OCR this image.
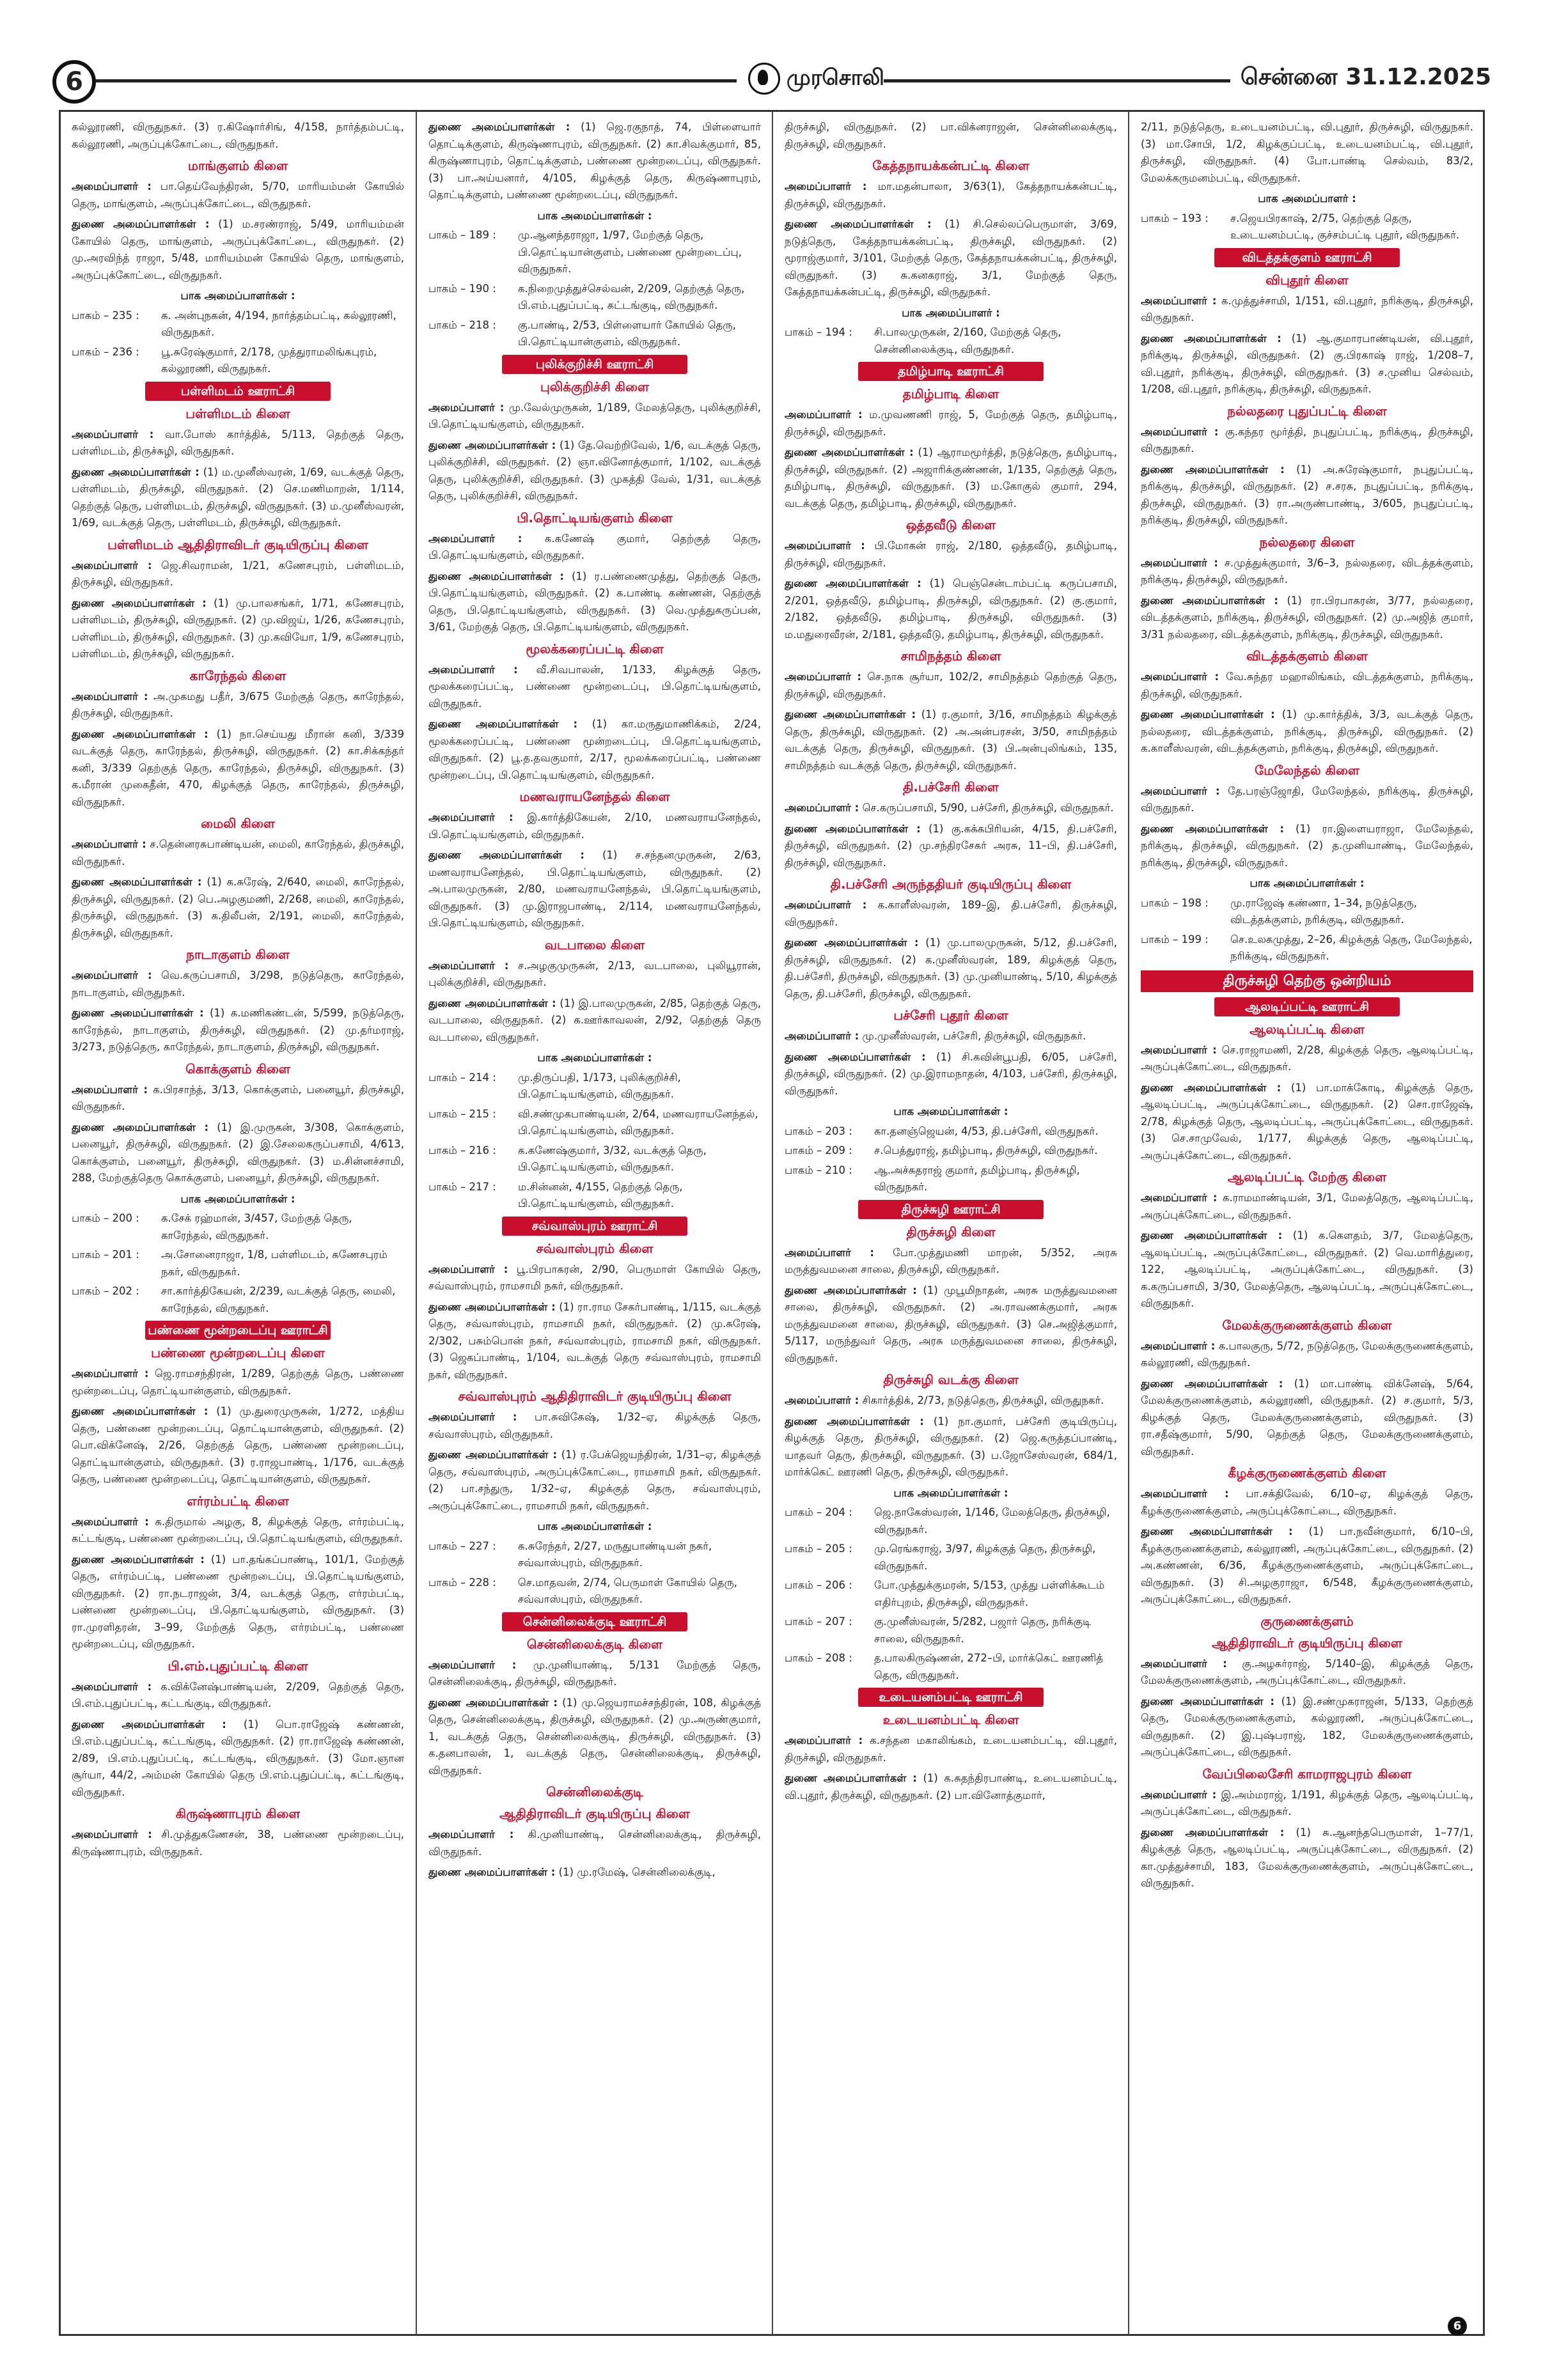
6	முரசொலி	சென்னை 31.12.2025

கல்லூரணி, விருதுநகர். (3) ர.கிஷோர்சிங், 4/158, நார்த்தம்பட்டி, கல்லூரணி, அருப்புக்கோட்டை, விருதுநகர்.

மாங்குளம் கிளை

அமைப்பாளர் : பா.தெய்வேந்திரன், 5/70, மாரியம்மன் கோயில் தெரு, மாங்குளம், அருப்புக்கோட்டை, விருதுநகர்.

துணை அமைப்பாளர்கள் : (1) ம.சரண்ராஜ், 5/49, மாரியம்மன் கோயில் தெரு, மாங்குளம், அருப்புக்கோட்டை, விருதுநகர். (2) மு.அரவிந்த் ராஜா, 5/48, மாரியம்மன் கோயில் தெரு, மாங்குளம், அருப்புக்கோட்டை, விருதுநகர்.

பாக அமைப்பாளர்கள் :
பாகம் – 235 :	க. அன்புநகன், 4/194, நார்த்தம்பட்டி, கல்லூரணி, விருதுநகர்.
பாகம் – 236 :	பூ.சுரேஷ்குமார், 2/178, முத்துராமலிங்கபுரம், கல்லூரணி, விருதுநகர்.
பள்ளிமடம் ஊராட்சி
பள்ளிமடம் கிளை

அமைப்பாளர் : வா.போஸ் கார்த்திக், 5/113, தெற்குத் தெரு, பள்ளிமடம், திருச்சுழி, விருதுநகர்.

துணை அமைப்பாளர்கள் : (1) ம.முனீஸ்வரன், 1/69, வடக்குத் தெரு, பள்ளிமடம், திருச்சுழி, விருதுநகர். (2) செ.மணிமாறன், 1/114, தெற்குத் தெரு, பள்ளிமடம், திருச்சுழி, விருதுநகர். (3) ம.முனீஸ்வரன், 1/69, வடக்குத் தெரு, பள்ளிமடம், திருச்சுழி, விருதுநகர்.

பள்ளிமடம் ஆதிதிராவிடர் குடியிருப்பு கிளை

அமைப்பாளர் : ஜெ.சிவராமன், 1/21, கணேசபுரம், பள்ளிமடம், திருச்சுழி, விருதுநகர்.

துணை அமைப்பாளர்கள் : (1) மு.பாலசங்கர், 1/71, கணேசபுரம், பள்ளிமடம், திருச்சுழி, விருதுநகர். (2) மு.விஜய், 1/26, கணேசபுரம், பள்ளிமடம், திருச்சுழி, விருதுநகர். (3) மு.கவியோ, 1/9, கணேசபுரம், பள்ளிமடம், திருச்சுழி, விருதுநகர்.

காரேந்தல் கிளை

அமைப்பாளர் : அ.முகமது பதீர், 3/675 மேற்குத் தெரு, காரேந்தல், திருச்சுழி, விருதுநகர்.

துணை அமைப்பாளர்கள் : (1) நா.செய்யது மீரான் கனி, 3/339 வடக்குத் தெரு, காரேந்தல், திருச்சுழி, விருதுநகர். (2) கா.சிக்கந்தர் கனி, 3/339 தெற்குத் தெரு, காரேந்தல், திருச்சுழி, விருதுநகர். (3) க.மீரான் முகைதீன், 470, கிழக்குத் தெரு, காரேந்தல், திருச்சுழி, விருதுநகர்.

மைலி கிளை

அமைப்பாளர் : ச.தென்னரசுபாண்டியன், மைலி, காரேந்தல், திருச்சுழி, விருதுநகர்.

துணை அமைப்பாளர்கள் : (1) க.சுரேஷ், 2/640, மைலி, காரேந்தல், திருச்சுழி, விருதுநகர். (2) பெ.அழகுமணி, 2/268, மைலி, காரேந்தல், திருச்சுழி, விருதுநகர். (3) க.திலீபன், 2/191, மைலி, காரேந்தல், திருச்சுழி, விருதுநகர்.

நாடாகுளம் கிளை

அமைப்பாளர் : வெ.கருப்பசாமி, 3/298, நடுத்தெரு, காரேந்தல், நாடாகுளம், விருதுநகர்.

துணை அமைப்பாளர்கள் : (1) க.மணிகண்டன், 5/599, நடுத்தெரு, காரேந்தல், நாடாகுளம், திருச்சுழி, விருதுநகர். (2) மு.தர்மராஜ், 3/273, நடுத்தெரு, காரேந்தல், நாடாகுளம், திருச்சுழி, விருதுநகர்.

கொக்குளம் கிளை

அமைப்பாளர் : க.பிரசாந்த், 3/13, கொக்குளம், பனையூர், திருச்சுழி, விருதுநகர்.

துணை அமைப்பாளர்கள் : (1) இ.முருகன், 3/308, கொக்குளம், பனையூர், திருச்சுழி, விருதுநகர். (2) இ.சேலைகருப்பசாமி, 4/613, கொக்குளம், பனையூர், திருச்சுழி, விருதுநகர். (3) ம.சின்னச்சாமி, 288, மேற்குத்தெரு கொக்குளம், பனையூர், திருச்சுழி, விருதுநகர்.

பாக அமைப்பாளர்கள் :
பாகம் – 200 :	க.சேக் ரஹ்மான், 3/457, மேற்குத் தெரு, காரேந்தல், விருதுநகர்.
பாகம் – 201 :	அ.சோனைராஜா, 1/8, பள்ளிமடம், கணேசபுரம் நகர், விருதுநகர்.
பாகம் – 202 :	சா.கார்த்திகேயன், 2/239, வடக்குத் தெரு, மைலி, காரேந்தல், விருதுநகர்.
பண்ணை மூன்றடைப்பு ஊராட்சி
பண்ணை மூன்றடைப்பு கிளை

அமைப்பாளர் : ஜெ.ராமசந்திரன், 1/289, தெற்குத் தெரு, பண்ணை மூன்றடைப்பு, தொட்டியான்குளம், விருதுநகர்.

துணை அமைப்பாளர்கள் : (1) மு.துரைமுருகன், 1/272, மத்திய தெரு, பண்ணை மூன்றடைப்பு, தொட்டியான்குளம், விருதுநகர். (2) பொ.விக்னேஷ், 2/26, தெற்குத் தெரு, பண்ணை மூன்றடைப்பு, தொட்டியான்குளம், விருதுநகர். (3) ர.ராஜபாண்டி, 1/176, வடக்குத் தெரு, பண்ணை மூன்றடைப்பு, தொட்டியான்குளம், விருதுநகர்.

எர்ரம்பட்டி கிளை

அமைப்பாளர் : க.திருமால் அழகு, 8, கிழக்குத் தெரு, எர்ரம்பட்டி, கட்டங்குடி, பண்ணை மூன்றடைப்பு, பி.தொட்டியங்குளம், விருதுநகர்.

துணை அமைப்பாளர்கள் : (1) பா.தங்கப்பாண்டி, 101/1, மேற்குத் தெரு, எர்ரம்பட்டி, பண்ணை மூன்றடைப்பு, பி.தொட்டியங்குளம், விருதுநகர். (2) ரா.நடராஜன், 3/4, வடக்குத் தெரு, எர்ரம்பட்டி, பண்ணை மூன்றடைப்பு, பி.தொட்டியங்குளம், விருதுநகர். (3) ரா.முரளிதரன், 3–99, மேற்குத் தெரு, எர்ரம்பட்டி, பண்ணை மூன்றடைப்பு, விருதுநகர்.

பி.எம்.புதுப்பட்டி கிளை

அமைப்பாளர் : க.விக்னேஷ்பாண்டியன், 2/209, தெற்குத் தெரு, பி.எம்.புதுப்பட்டி, கட்டங்குடி, விருதுநகர்.

துணை அமைப்பாளர்கள் : (1) பொ.ராஜேஷ் கண்ணன், பி.எம்.புதுப்பட்டி, கட்டங்குடி, விருதுநகர். (2) ரா.ராஜேஷ் கண்ணன், 2/89, பி.எம்.புதுப்பட்டி, கட்டங்குடி, விருதுநகர். (3) மோ.ஞான சூர்யா, 44/2, அம்மன் கோயில் தெரு பி.எம்.புதுப்பட்டி, கட்டங்குடி, விருதுநகர்.

கிருஷ்ணாபுரம் கிளை

அமைப்பாளர் : சி.முத்துகணேசன், 38, பண்ணை மூன்றடைப்பு, கிருஷ்ணாபுரம், விருதுநகர்.

துணை அமைப்பாளர்கள் : (1) ஜெ.ரகுநாத், 74, பிள்ளையார் தொட்டிக்குளம், கிருஷ்ணாபுரம், விருதுநகர். (2) கா.சிவக்குமார், 85, கிருஷ்ணாபுரம், தொட்டிக்குளம், பண்ணை மூன்றடைப்பு, விருதுநகர். (3) பா.அய்யனார், 4/105, கிழக்குத் தெரு, கிருஷ்ணாபுரம், தொட்டிக்குளம், பண்ணை மூன்றடைப்பு, விருதுநகர்.

பாக அமைப்பாளர்கள் :
பாகம் – 189 :	மு.ஆனந்தராஜா, 1/97, மேற்குத் தெரு, பி.தொட்டியான்குளம், பண்ணை மூன்றடைப்பு, விருதுநகர்.
பாகம் – 190 :	க.நிறைமுத்துச்செல்வன், 2/209, தெற்குத் தெரு, பி.எம்.புதுப்பட்டி, கட்டங்குடி, விருதுநகர்.
பாகம் – 218 :	கு.பாண்டி, 2/53, பிள்ளையார் கோயில் தெரு, பி.தொட்டியான்குளம், விருதுநகர்.
புலிக்குறிச்சி ஊராட்சி
புலிக்குறிச்சி கிளை

அமைப்பாளர் : மு.வேல்முருகன், 1/189, மேலத்தெரு, புலிக்குறிச்சி, பி.தொட்டியங்குளம், விருதுநகர்.

துணை அமைப்பாளர்கள் : (1) தே.வெற்றிவேல், 1/6, வடக்குத் தெரு, புலிக்குறிச்சி, விருதுநகர். (2) ஞா.வினோத்குமார், 1/102, வடக்குத் தெரு, புலிக்குறிச்சி, விருதுநகர். (3) முகத்தி வேல், 1/31, வடக்குத் தெரு, புலிக்குறிச்சி, விருதுநகர்.

பி.தொட்டியங்குளம் கிளை

அமைப்பாளர் : க.கணேஷ் குமார், தெற்குத் தெரு, பி.தொட்டியங்குளம், விருதுநகர்.

துணை அமைப்பாளர்கள் : (1) ர.பண்ணைமுத்து, தெற்குத் தெரு, பி.தொட்டியங்குளம், விருதுநகர். (2) க.பாண்டி கண்ணன், தெற்குத் தெரு, பி.தொட்டியங்குளம், விருதுநகர். (3) வெ.முத்துகருப்பன், 3/61, மேற்குத் தெரு, பி.தொட்டியங்குளம், விருதுநகர்.

மூலக்கரைப்பட்டி கிளை

அமைப்பாளர் : வீ.சிவபாலன், 1/133, கிழக்குத் தெரு, மூலக்கரைப்பட்டி, பண்ணை மூன்றடைப்பு, பி.தொட்டியங்குளம், விருதுநகர்.

துணை அமைப்பாளர்கள் : (1) கா.மருதுமாணிக்கம், 2/24, மூலக்கரைப்பட்டி, பண்ணை மூன்றடைப்பு, பி.தொட்டியங்குளம், விருதுநகர். (2) பூ.த.தவகுமார், 2/17, மூலக்கரைப்பட்டி, பண்ணை மூன்றடைப்பு, பி.தொட்டியங்குளம், விருதுநகர்.

மணவராயனேந்தல் கிளை

அமைப்பாளர் : இ.கார்த்திகேயன், 2/10, மணவராயனேந்தல், பி.தொட்டியங்குளம், விருதுநகர்.

துணை அமைப்பாளர்கள் : (1) ச.சந்தனமுருகன், 2/63, மணவராயனேந்தல், பி.தொட்டியங்குளம், விருதுநகர். (2) அ.பாலமுருகன், 2/80, மணவராயனேந்தல், பி.தொட்டியங்குளம், விருதுநகர். (3) மு.இராஜபாண்டி, 2/114, மணவராயனேந்தல், பி.தொட்டியங்குளம், விருதுநகர்.

வடபாலை கிளை

அமைப்பாளர் : ச.அழகுமுருகன், 2/13, வடபாலை, புலியூரான், புலிக்குறிச்சி, விருதுநகர்.

துணை அமைப்பாளர்கள் : (1) இ.பாலமுருகன், 2/85, தெற்குத் தெரு, வடபாலை, விருதுநகர். (2) க.ஊர்காவலன், 2/92, தெற்குத் தெரு வடபாலை, விருதுநகர்.

பாக அமைப்பாளர்கள் :
பாகம் – 214 :	மு.திருப்பதி, 1/173, புலிக்குறிச்சி, பி.தொட்டியங்குளம், விருதுநகர்.
பாகம் – 215 :	வி.சண்முகபாண்டியன், 2/64, மணவராயனேந்தல், பி.தொட்டியங்குளம், விருதுநகர்.
பாகம் – 216 :	க.கணேஷ்குமார், 3/32, வடக்குத் தெரு, பி.தொட்டியங்குளம், விருதுநகர்.
பாகம் – 217 :	ம.சின்னன், 4/155, தெற்குத் தெரு, பி.தொட்டியங்குளம், விருதுநகர்.
சவ்வாஸ்புரம் ஊராட்சி
சவ்வாஸ்புரம் கிளை

அமைப்பாளர் : பூ.பிரபாகரன், 2/90, பெருமாள் கோயில் தெரு, சவ்வாஸ்புரம், ராமசாமி நகர், விருதுநகர்.

துணை அமைப்பாளர்கள் : (1) ரா.ராம சேகர்பாண்டி, 1/115, வடக்குத் தெரு, சவ்வாஸ்புரம், ராமசாமி நகர், விருதுநகர். (2) மு.சுரேஷ், 2/302, பசும்பொன் நகர், சவ்வாஸ்புரம், ராமசாமி நகர், விருதுநகர். (3) ஜெகப்பாண்டி, 1/104, வடக்குத் தெரு சவ்வாஸ்புரம், ராமசாமி நகர், விருதுநகர்.

சவ்வாஸ்புரம் ஆதிதிராவிடர் குடியிருப்பு கிளை

அமைப்பாளர் : பா.சுவிகேஷ், 1/32–ஏ, கிழக்குத் தெரு, சவ்வாஸ்புரம், விருதுநகர்.

துணை அமைப்பாளர்கள் : (1) ர.பேக்ஜெயந்திரன், 1/31–ஏ, கிழக்குத் தெரு, சவ்வாஸ்புரம், அருப்புக்கோட்டை, ராமசாமி நகர், விருதுநகர். (2) பா.சந்துரு, 1/32–ஏ, கிழக்குத் தெரு, சவ்வாஸ்புரம், அருப்புக்கோட்டை, ராமசாமி நகர், விருதுநகர்.

பாக அமைப்பாளர்கள் :
பாகம் – 227 :	க.சுரேந்தர், 2/27, மருதுபாண்டியன் நகர், சவ்வாஸ்புரம், விருதுநகர்.
பாகம் – 228 :	செ.மாதவன், 2/74, பெருமாள் கோயில் தெரு, சவ்வாஸ்புரம், விருதுநகர்.
சென்னிலைக்குடி ஊராட்சி
சென்னிலைக்குடி கிளை

அமைப்பாளர் : மு.முனியாண்டி, 5/131 மேற்குத் தெரு, சென்னிலைக்குடி, திருச்சுழி, விருதுநகர்.

துணை அமைப்பாளர்கள் : (1) மு.ஜெயராமச்சந்திரன், 108, கிழக்குத் தெரு, சென்னிலைக்குடி, திருச்சுழி, விருதுநகர். (2) மு.அருண்குமார், 1, வடக்குத் தெரு, சென்னிலைக்குடி, திருச்சுழி, விருதுநகர். (3) க.தனபாலன், 1, வடக்குத் தெரு, சென்னிலைக்குடி, திருச்சுழி, விருதுநகர்.

சென்னிலைக்குடி
ஆதிதிராவிடர் குடியிருப்பு கிளை

அமைப்பாளர் : கி.முனியாண்டி, சென்னிலைக்குடி, திருச்சுழி, விருதுநகர்.

துணை அமைப்பாளர்கள் : (1) மு.ரமேஷ், சென்னிலைக்குடி,

திருச்சுழி, விருதுநகர். (2) பா.விக்னராஜன், சென்னிலைக்குடி, திருச்சுழி, விருதுநகர்.

கேத்தநாயக்கன்பட்டி கிளை

அமைப்பாளர் : மா.மதன்பாலா, 3/63(1), கேத்தநாயக்கன்பட்டி, திருச்சுழி, விருதுநகர்.

துணை அமைப்பாளர்கள் : (1) சி.செல்லப்பெருமாள், 3/69, நடுத்தெரு, கேத்தநாயக்கன்பட்டி, திருச்சுழி, விருதுநகர். (2) மூராஜ்குமார், 3/101, மேற்குத் தெரு, கேத்தநாயக்கன்பட்டி, திருச்சுழி, விருதுநகர். (3) சு.கனகராஜ், 3/1, மேற்குத் தெரு, கேத்தநாயக்கன்பட்டி, திருச்சுழி, விருதுநகர்.

பாக அமைப்பாளர் :
பாகம் – 194 :	சி.பாலமுருகன், 2/160, மேற்குத் தெரு, சென்னிலைக்குடி, விருதுநகர்.
தமிழ்பாடி ஊராட்சி
தமிழ்பாடி கிளை

அமைப்பாளர் : ம.முவணணி ராஜ், 5, மேற்குத் தெரு, தமிழ்பாடி, திருச்சுழி, விருதுநகர்.

துணை அமைப்பாளர்கள் : (1) ஆராமமூர்த்தி, நடுத்தெரு, தமிழ்பாடி, திருச்சுழி, விருதுநகர். (2) அஜாரிக்குண்ணன், 1/135, தெற்குத் தெரு, தமிழ்பாடி, திருச்சுழி, விருதுநகர். (3) ம.கோகுல் குமார், 294, வடக்குத் தெரு, தமிழ்பாடி, திருச்சுழி, விருதுநகர்.

ஒத்தவீடு கிளை

அமைப்பாளர் : பி.மோகன் ராஜ், 2/180, ஒத்தவீடு, தமிழ்பாடி, திருச்சுழி, விருதுநகர்.

துணை அமைப்பாளர்கள் : (1) பெஞ்சென்டாம்பட்டி கருப்பசாமி, 2/201, ஒத்தவீடு, தமிழ்பாடி, திருச்சுழி, விருதுநகர். (2) கு.குமார், 2/182, ஒத்தவீடு, தமிழ்பாடி, திருச்சுழி, விருதுநகர். (3) ம.மதுரைவீரன், 2/181, ஒத்தவீடு, தமிழ்பாடி, திருச்சுழி, விருதுநகர்.

சாமிநத்தம் கிளை

அமைப்பாளர் : செ.நாக சூர்யா, 102/2, சாமிநத்தம் தெற்குத் தெரு, திருச்சுழி, விருதுநகர்.

துணை அமைப்பாளர்கள் : (1) ர.குமார், 3/16, சாமிநத்தம் கிழக்குத் தெரு, திருச்சுழி, விருதுநகர். (2) அ.அன்பரசன், 3/50, சாமிநத்தம் வடக்குத் தெரு, திருச்சுழி, விருதுநகர். (3) பி.அன்புலிங்கம், 135, சாமிநத்தம் வடக்குத் தெரு, திருச்சுழி, விருதுநகர்.

தி.பச்சேரி கிளை

அமைப்பாளர் : செ.கருப்பசாமி, 5/90, பச்சேரி, திருச்சுழி, விருதுநகர்.

துணை அமைப்பாளர்கள் : (1) கு.கக்கபிரியன், 4/15, தி.பச்சேரி, திருச்சுழி, விருதுநகர். (2) மு.சந்திரசேகர் அரசு, 11–பி, தி.பச்சேரி, திருச்சுழி, விருதுநகர்.

தி.பச்சேரி அருந்ததியர் குடியிருப்பு கிளை

அமைப்பாளர் : க.காளீஸ்வரன், 189–இ, தி.பச்சேரி, திருச்சுழி, விருதுநகர்.

துணை அமைப்பாளர்கள் : (1) மு.பாலமுருகன், 5/12, தி.பச்சேரி, திருச்சுழி, விருதுநகர். (2) க.முனீஸ்வரன், 189, கிழக்குத் தெரு, தி.பச்சேரி, திருச்சுழி, விருதுநகர். (3) மு.முனியாண்டி, 5/10, கிழக்குத் தெரு, தி.பச்சேரி, திருச்சுழி, விருதுநகர்.

பச்சேரி புதூர் கிளை

அமைப்பாளர் : மு.முனீஸ்வரன், பச்சேரி, திருச்சுழி, விருதுநகர்.

துணை அமைப்பாளர்கள் : (1) சி.கவின்பூபதி, 6/05, பச்சேரி, திருச்சுழி, விருதுநகர். (2) மு.இராமநாதன், 4/103, பச்சேரி, திருச்சுழி, விருதுநகர்.

பாக அமைப்பாளர்கள் :
பாகம் – 203 :	கா.தனஞ்ஜெயன், 4/53, தி.பச்சேரி, விருதுநகர்.
பாகம் – 209 :	ச.பெத்துராஜ், தமிழ்பாடி, திருச்சுழி, விருதுநகர்.
பாகம் – 210 :	ஆ.அச்சுதராஜ் குமார், தமிழ்பாடி, திருச்சுழி, விருதுநகர்.
திருச்சுழி ஊராட்சி
திருச்சுழி கிளை

அமைப்பாளர் : போ.முத்துமணி மாறன், 5/352, அரசு மருத்துவமனை சாலை, திருச்சுழி, விருதுநகர்.

துணை அமைப்பாளர்கள் : (1) முபூமிநாதன், அரசு மருத்துவமனை சாலை, திருச்சுழி, விருதுநகர். (2) அ.ராவணக்குமார், அரசு மருத்துவமனை சாலை, திருச்சுழி, விருதுநகர். (3) செ.அஜித்குமார், 5/117, மருந்துவர் தெரு, அரசு மருத்துவமனை சாலை, திருச்சுழி, விருதுநகர்.

திருச்சுழி வடக்கு கிளை

அமைப்பாளர் : சிகார்த்திக், 2/73, நடுத்தெரு, திருச்சுழி, விருதுநகர்.

துணை அமைப்பாளர்கள் : (1) நா.குமார், பச்சேரி குடியிருப்பு, கிழக்குத் தெரு, திருச்சுழி, விருதுநகர். (2) ஜெ.கருத்தப்பாண்டி, யாதவர் தெரு, திருச்சுழி, விருதுநகர். (3) ப.ஜோசேஸ்வரன், 684/1, மார்க்கெட் ஊரணி தெரு, திருச்சுழி, விருதுநகர்.

பாக அமைப்பாளர்கள் :
பாகம் – 204 :	ஜெ.நாகேஸ்வரன், 1/146, மேலத்தெரு, திருச்சுழி, விருதுநகர்.
பாகம் – 205 :	மு.ரெங்கராஜ், 3/97, கிழக்குத் தெரு, திருச்சுழி, விருதுநகர்.
பாகம் – 206 :	போ.முத்துக்குமரன், 5/153, முத்து பள்ளிக்கூடம் எதிர்புறம், திருச்சுழி, விருதுநகர்.
பாகம் – 207 :	கு.முனீஸ்வரன், 5/282, பஜார் தெரு, நரிக்குடி சாலை, விருதுநகர்.
பாகம் – 208 :	த.பாலகிருஷ்ணன், 272–பி, மார்க்கெட் ஊரணித் தெரு, விருதுநகர்.
உடையனம்பட்டி ஊராட்சி
உடையனம்பட்டி கிளை

அமைப்பாளர் : க.சந்தன மகாலிங்கம், உடையனம்பட்டி, வி.புதூர், திருச்சுழி, விருதுநகர்.

துணை அமைப்பாளர்கள் : (1) க.சுதந்திரபாண்டி, உடையனம்பட்டி, வி.புதூர், திருச்சுழி, விருதுநகர். (2) பா.வினோத்குமார்,

2/11, நடுத்தெரு, உடையனம்பட்டி, வி.புதூர், திருச்சுழி, விருதுநகர். (3) மா.சோபி, 1/2, கிழக்குப்பட்டி, உடையனம்பட்டி, வி.புதூர், திருச்சுழி, விருதுநகர். (4) போ.பாண்டி செல்வம், 83/2, மேலக்கருமனம்பட்டி, விருதுநகர்.

பாக அமைப்பாளர் :
பாகம் – 193 :	ச.ஜெயபிரகாஷ், 2/75, தெற்குத் தெரு, உடையனம்பட்டி, குச்சம்பட்டி புதூர், விருதுநகர்.
விடத்தக்குளம் ஊராட்சி
விபுதூர் கிளை

அமைப்பாளர் : க.முத்துச்சாமி, 1/151, வி.புதூர், நரிக்குடி, திருச்சுழி, விருதுநகர்.

துணை அமைப்பாளர்கள் : (1) ஆ.குமாரபாண்டியன், வி.புதூர், நரிக்குடி, திருச்சுழி, விருதுநகர். (2) கு.பிரகாஷ் ராஜ், 1/208–7, வி.புதூர், நரிக்குடி, திருச்சுழி, விருதுநகர். (3) ச.முனிய செல்வம், 1/208, வி.புதூர், நரிக்குடி, திருச்சுழி, விருதுநகர்.

நல்லதரை புதுப்பட்டி கிளை

அமைப்பாளர் : கு.கந்தர மூர்த்தி, நபுதுப்பட்டி, நரிக்குடி, திருச்சுழி, விருதுநகர்.

துணை அமைப்பாளர்கள் : (1) அ.சுரேஷ்குமார், நபுதுப்பட்டி, நரிக்குடி, திருச்சுழி, விருதுநகர். (2) ச.சரசு, நபுதுப்பட்டி, நரிக்குடி, திருச்சுழி, விருதுநகர். (3) ரா.அருண்பாண்டி, 3/605, நபுதுப்பட்டி, நரிக்குடி, திருச்சுழி, விருதுநகர்.

நல்லதரை கிளை

அமைப்பாளர் : ச.முத்துக்குமார், 3/6–3, நல்லதரை, விடத்தக்குளம், நரிக்குடி, திருச்சுழி, விருதுநகர்.

துணை அமைப்பாளர்கள் : (1) ரா.பிரபாகரன், 3/77, நல்லதரை, விடத்தக்குளம், நரிக்குடி, திருச்சுழி, விருதுநகர். (2) மு.அஜித் குமார், 3/31 நல்லதரை, விடத்தக்குளம், நரிக்குடி, திருச்சுழி, விருதுநகர்.

விடத்தக்குளம் கிளை

அமைப்பாளர் : வே.சுந்தர மஹாலிங்கம், விடத்தக்குளம், நரிக்குடி, திருச்சுழி, விருதுநகர்.

துணை அமைப்பாளர்கள் : (1) மு.கார்த்திக், 3/3, வடக்குத் தெரு, நல்லதரை, விடத்தக்குளம், நரிக்குடி, திருச்சுழி, விருதுநகர். (2) க.காளீஸ்வரன், விடத்தக்குளம், நரிக்குடி, திருச்சுழி, விருதுநகர்.

மேலேந்தல் கிளை

அமைப்பாளர் : தே.பரஞ்ஜோதி, மேலேந்தல், நரிக்குடி, திருச்சுழி, விருதுநகர்.

துணை அமைப்பாளர்கள் : (1) ரா.இளையராஜா, மேலேந்தல், நரிக்குடி, திருச்சுழி, விருதுநகர். (2) த.முனியாண்டி, மேலேந்தல், நரிக்குடி, திருச்சுழி, விருதுநகர்.

பாக அமைப்பாளர்கள் :
பாகம் – 198 :	மு.ராஜேஷ் கண்ணா, 1–34, நடுத்தெரு, விடத்தக்குளம், நரிக்குடி, விருதுநகர்.
பாகம் – 199 :	செ.உலகமுத்து, 2–26, கிழக்குத் தெரு, மேலேந்தல், நரிக்குடி, விருதுநகர்.
திருச்சுழி தெற்கு ஒன்றியம்
ஆலடிப்பட்டி ஊராட்சி
ஆலடிப்பட்டி கிளை

அமைப்பாளர் : செ.ராஜாமணி, 2/28, கிழக்குத் தெரு, ஆலடிப்பட்டி, அருப்புக்கோட்டை, விருதுநகர்.

துணை அமைப்பாளர்கள் : (1) பா.மாக்கோடி, கிழக்குத் தெரு, ஆலடிப்பட்டி, அருப்புக்கோட்டை, விருதுநகர். (2) சொ.ராஜேஷ், 2/78, கிழக்குத் தெரு, ஆலடிப்பட்டி, அருப்புக்கோட்டை, விருதுநகர். (3) செ.சாமுவேல், 1/177, கிழக்குத் தெரு, ஆலடிப்பட்டி, அருப்புக்கோட்டை, விருதுநகர்.

ஆலடிப்பட்டி மேற்கு கிளை

அமைப்பாளர் : க.ராமமாண்டியன், 3/1, மேலத்தெரு, ஆலடிப்பட்டி, அருப்புக்கோட்டை, விருதுநகர்.

துணை அமைப்பாளர்கள் : (1) க.கௌதம், 3/7, மேலத்தெரு, ஆலடிப்பட்டி, அருப்புக்கோட்டை, விருதுநகர். (2) வெ.மாரித்துரை, 122, ஆலடிப்பட்டி, அருப்புக்கோட்டை, விருதுநகர். (3) க.கருப்பசாமி, 3/30, மேலத்தெரு, ஆலடிப்பட்டி, அருப்புக்கோட்டை, விருதுநகர்.

மேலக்குருணைக்குளம் கிளை

அமைப்பாளர் : க.பாலகுரு, 5/72, நடுத்தெரு, மேலக்குருணைக்குளம், கல்லூரணி, விருதுநகர்.

துணை அமைப்பாளர்கள் : (1) மா.பாண்டி விக்னேஷ், 5/64, மேலக்குருணைக்குளம், கல்லூரணி, விருதுநகர். (2) ச.குமார், 5/3, கிழக்குத் தெரு, மேலக்குருணைக்குளம், விருதுநகர். (3) ரா.சதீஷ்குமார், 5/90, தெற்குத் தெரு, மேலக்குருணைக்குளம், விருதுநகர்.

கீழக்குருணைக்குளம் கிளை

அமைப்பாளர் : பா.சக்திவேல், 6/10–ஏ, கிழக்குத் தெரு, கீழக்குருணைக்குளம், அருப்புக்கோட்டை, விருதுநகர்.

துணை அமைப்பாளர்கள் : (1) பா.நவீன்குமார், 6/10–பி, கீழக்குருணைக்குளம், கல்லூரணி, அருப்புக்கோட்டை, விருதுநகர். (2) அ.கண்ணன், 6/36, கீழக்குருணைக்குளம், அருப்புக்கோட்டை, விருதுநகர். (3) சி.அழகுராஜா, 6/548, கீழக்குருணைக்குளம், அருப்புக்கோட்டை, விருதுநகர்.

குருணைக்குளம்
ஆதிதிராவிடர் குடியிருப்பு கிளை

அமைப்பாளர் : கு.அழகர்ராஜ், 5/140–இ, கிழக்குத் தெரு, மேலக்குருணைக்குளம், அருப்புக்கோட்டை, விருதுநகர்.

துணை அமைப்பாளர்கள் : (1) இ.சண்முகராஜன், 5/133, தெற்குத் தெரு, மேலக்குருணைக்குளம், கல்லூரணி, அருப்புக்கோட்டை, விருதுநகர். (2) இ.புஷ்பராஜ், 182, மேலக்குருணைக்குளம், அருப்புக்கோட்டை, விருதுநகர்.

வேப்பிலைசேரி காமராஜபுரம் கிளை

அமைப்பாளர் : இ.அம்மராஜ், 1/191, கிழக்குத் தெரு, ஆலடிப்பட்டி, அருப்புக்கோட்டை, விருதுநகர்.

துணை அமைப்பாளர்கள் : (1) சு.ஆனந்தபெருமாள், 1–77/1, கிழக்குத் தெரு, ஆலடிப்பட்டி, அருப்புக்கோட்டை, விருதுநகர். (2) கா.முத்துச்சாமி, 183, மேலக்குருணைக்குளம், அருப்புக்கோட்டை, விருதுநகர்.

6
